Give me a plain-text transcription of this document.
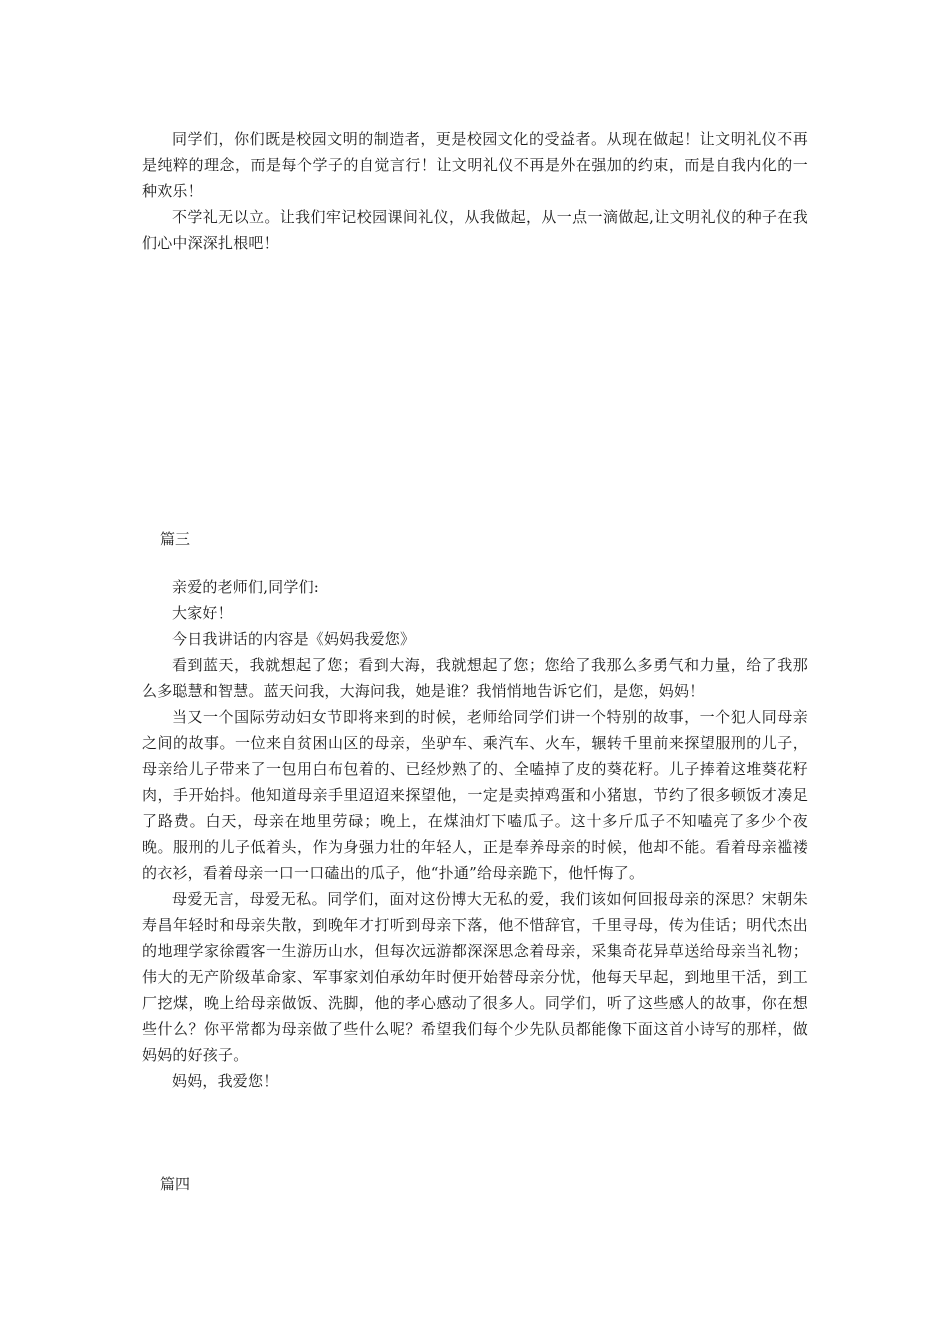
同学们，你们既是校园文明的制造者，更是校园文化的受益者。从现在做起！让文明礼仪不再是纯粹的理念，而是每个学子的自觉言行！让文明礼仪不再是外在强加的约束，而是自我内化的一种欢乐！

不学礼无以立。让我们牢记校园课间礼仪，从我做起，从一点一滴做起,让文明礼仪的种子在我们心中深深扎根吧！

篇三

亲爱的老师们,同学们:

大家好！

今日我讲话的内容是《妈妈我爱您》

看到蓝天，我就想起了您；看到大海，我就想起了您；您给了我那么多勇气和力量，给了我那么多聪慧和智慧。蓝天问我，大海问我，她是谁？我悄悄地告诉它们，是您，妈妈！

当又一个国际劳动妇女节即将来到的时候，老师给同学们讲一个特别的故事，一个犯人同母亲之间的故事。一位来自贫困山区的母亲，坐驴车、乘汽车、火车，辗转千里前来探望服刑的儿子，母亲给儿子带来了一包用白布包着的、已经炒熟了的、全嗑掉了皮的葵花籽。儿子捧着这堆葵花籽肉，手开始抖。他知道母亲手里迢迢来探望他，一定是卖掉鸡蛋和小猪崽，节约了很多顿饭才凑足了路费。白天，母亲在地里劳碌；晚上，在煤油灯下嗑瓜子。这十多斤瓜子不知嗑亮了多少个夜晚。服刑的儿子低着头，作为身强力壮的年轻人，正是奉养母亲的时候，他却不能。看着母亲褴褛的衣衫，看着母亲一口一口磕出的瓜子，他“扑通”给母亲跪下，他忏悔了。

母爱无言，母爱无私。同学们，面对这份博大无私的爱，我们该如何回报母亲的深思？宋朝朱寿昌年轻时和母亲失散，到晚年才打听到母亲下落，他不惜辞官，千里寻母，传为佳话；明代杰出的地理学家徐霞客一生游历山水，但每次远游都深深思念着母亲，采集奇花异草送给母亲当礼物；伟大的无产阶级革命家、军事家刘伯承幼年时便开始替母亲分忧，他每天早起，到地里干活，到工厂挖煤，晚上给母亲做饭、洗脚，他的孝心感动了很多人。同学们，听了这些感人的故事，你在想些什么？你平常都为母亲做了些什么呢？希望我们每个少先队员都能像下面这首小诗写的那样，做妈妈的好孩子。

妈妈，我爱您！

篇四
